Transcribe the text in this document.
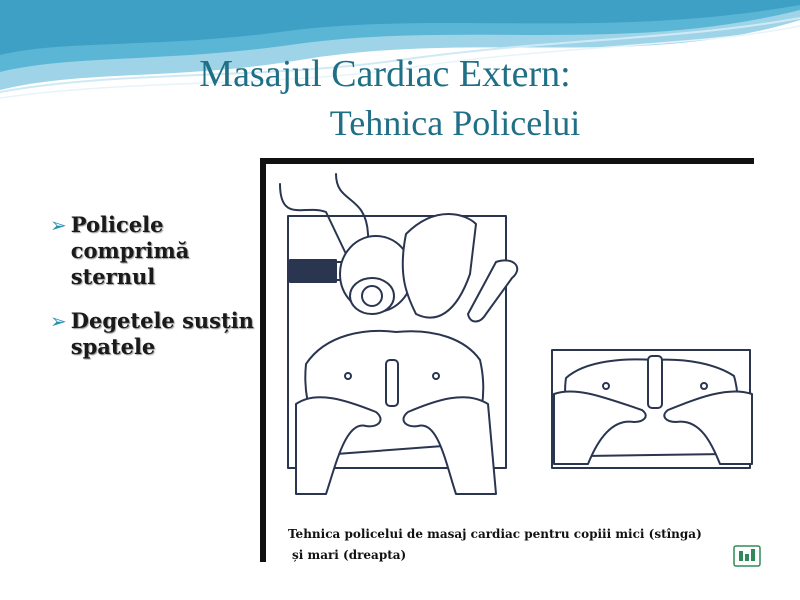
Masajul Cardiac Extern:
Tehnica Policelui
➢ Policele comprimă sternul
➢ Degetele susțin spatele
Tehnica policelui de masaj cardiac pentru copiii mici (stînga)
și mari (dreapta)
